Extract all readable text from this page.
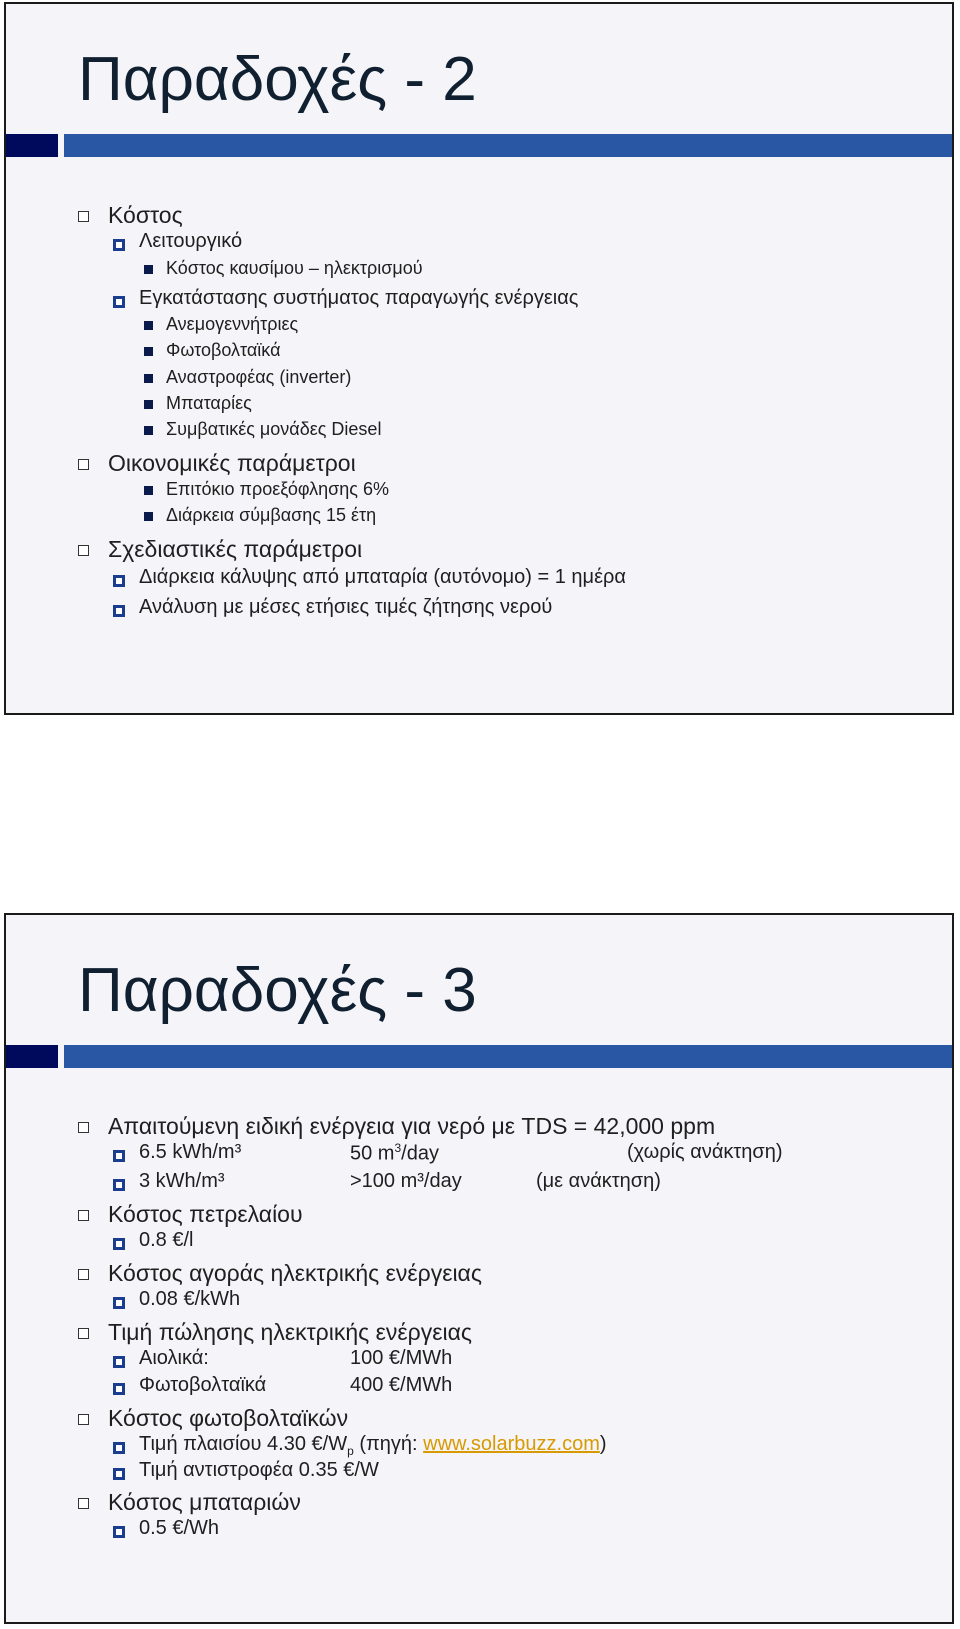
Παραδοχές - 2
Κόστος
Λειτουργικό
Κόστος καυσίμου – ηλεκτρισμού
Εγκατάστασης συστήματος παραγωγής ενέργειας
Ανεμογεννήτριες
Φωτοβολταϊκά
Αναστροφέας (inverter)
Μπαταρίες
Συμβατικές μονάδες Diesel
Οικονομικές παράμετροι
Επιτόκιο προεξόφλησης 6%
Διάρκεια σύμβασης 15 έτη
Σχεδιαστικές παράμετροι
Διάρκεια κάλυψης από μπαταρία (αυτόνομο) = 1 ημέρα
Ανάλυση με μέσες ετήσιες τιμές ζήτησης νερού
Παραδοχές - 3
Απαιτούμενη ειδική ενέργεια για νερό με TDS = 42,000 ppm
6.5 kWh/m³	50 $m^3$/day	(χωρίς ανάκτηση)
3 kWh/m³	>100 m³/day	(με ανάκτηση)
Κόστος πετρελαίου
0.8 €/l
Κόστος αγοράς ηλεκτρικής ενέργειας
0.08 €/kWh
Τιμή πώλησης ηλεκτρικής ενέργειας
Αιολικά:	100 €/MWh
Φωτοβολταϊκά	400 €/MWh
Κόστος φωτοβολταϊκών
Τιμή πλαισίου 4.30 $€/W_p$ (πηγή: www.solarbuzz.com)
Τιμή αντιστροφέα 0.35 €/W
Κόστος μπαταριών
0.5 €/Wh
